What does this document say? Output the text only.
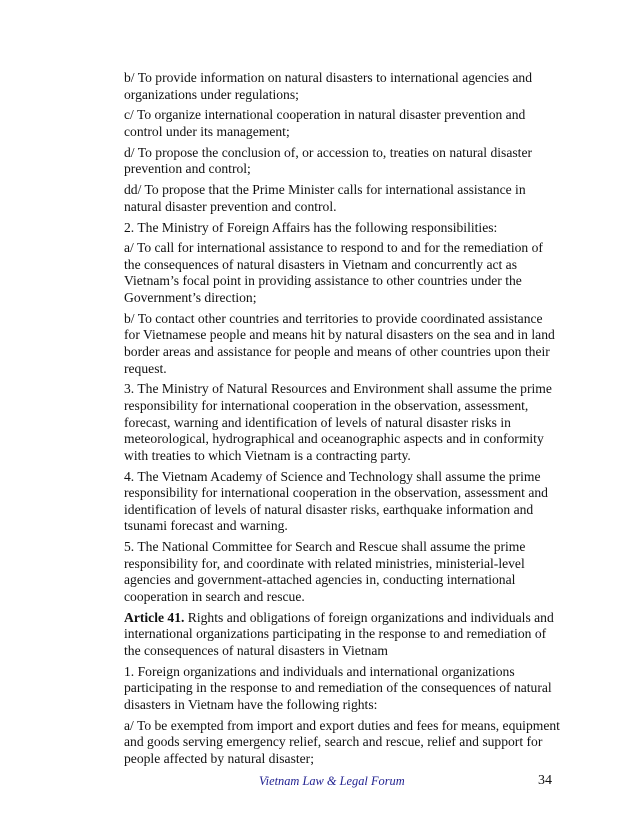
b/ To provide information on natural disasters to international agencies and organizations under regulations;

c/ To organize international cooperation in natural disaster prevention and control under its management;

d/ To propose the conclusion of, or accession to, treaties on natural disaster prevention and control;

dd/ To propose that the Prime Minister calls for international assistance in natural disaster prevention and control.

2. The Ministry of Foreign Affairs has the following responsibilities:

a/ To call for international assistance to respond to and for the remediation of the consequences of natural disasters in Vietnam and concurrently act as Vietnam’s focal point in providing assistance to other countries under the Government’s direction;

b/ To contact other countries and territories to provide coordinated assistance for Vietnamese people and means hit by natural disasters on the sea and in land border areas and assistance for people and means of other countries upon their request.

3. The Ministry of Natural Resources and Environment shall assume the prime responsibility for international cooperation in the observation, assessment, forecast, warning and identification of levels of natural disaster risks in meteorological, hydrographical and oceanographic aspects and in conformity with treaties to which Vietnam is a contracting party.

4. The Vietnam Academy of Science and Technology shall assume the prime responsibility for international cooperation in the observation, assessment and identification of levels of natural disaster risks, earthquake information and tsunami forecast and warning.

5. The National Committee for Search and Rescue shall assume the prime responsibility for, and coordinate with related ministries, ministerial-level agencies and government-attached agencies in, conducting international cooperation in search and rescue.

Article 41. Rights and obligations of foreign organizations and individuals and international organizations participating in the response to and remediation of the consequences of natural disasters in Vietnam

1. Foreign organizations and individuals and international organizations participating in the response to and remediation of the consequences of natural disasters in Vietnam have the following rights:

a/ To be exempted from import and export duties and fees for means, equipment and goods serving emergency relief, search and rescue, relief and support for people affected by natural disaster;

Vietnam Law & Legal Forum	34
